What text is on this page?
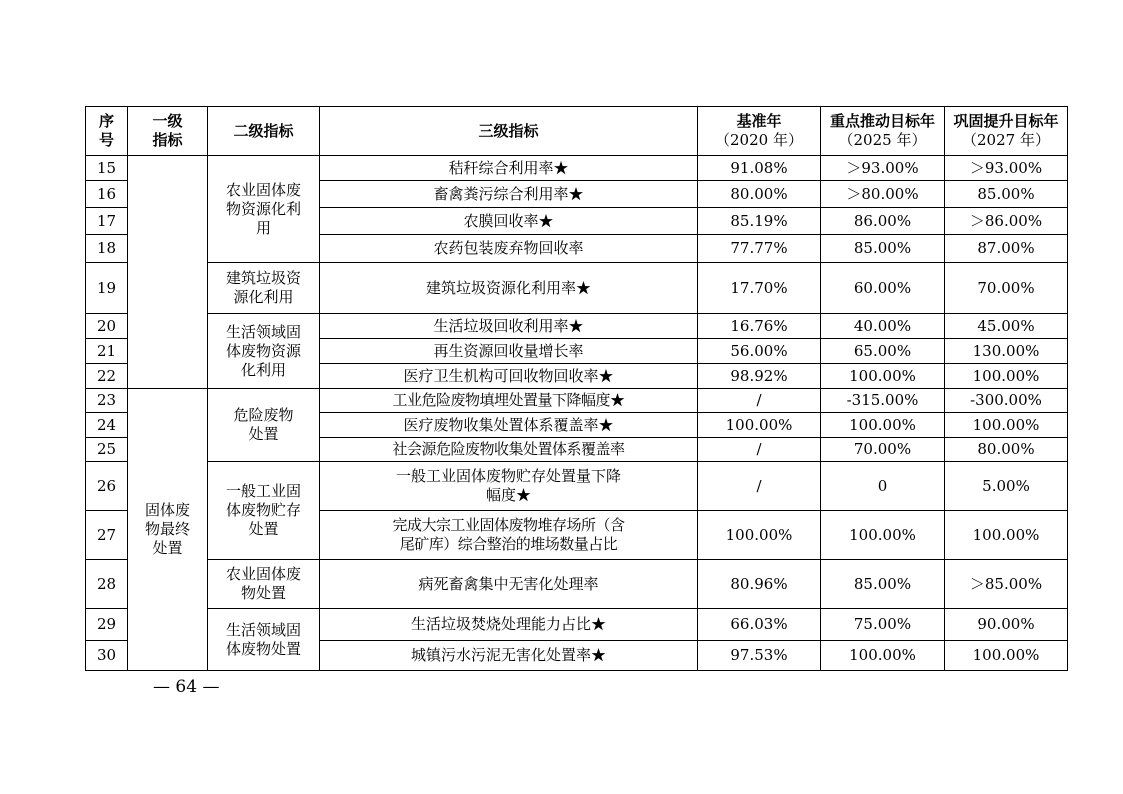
序
号	一级
指标	二级指标	三级指标	基准年
（2020 年）	重点推动目标年
（2025 年）	巩固提升目标年
（2027 年）

15		农业固体废
物资源化利
用	秸秆综合利用率★	91.08%	＞93.00%	＞93.00%
16			畜禽粪污综合利用率★	80.00%	＞80.00%	85.00%
17			农膜回收率★	85.19%	86.00%	＞86.00%
18			农药包装废弃物回收率	77.77%	85.00%	87.00%
19		建筑垃圾资
源化利用	建筑垃圾资源化利用率★	17.70%	60.00%	70.00%
20		生活领域固
体废物资源
化利用	生活垃圾回收利用率★	16.76%	40.00%	45.00%
21			再生资源回收量增长率	56.00%	65.00%	130.00%
22			医疗卫生机构可回收物回收率★	98.92%	100.00%	100.00%
23	固体废
物最终
处置	危险废物
处置	工业危险废物填埋处置量下降幅度★	/	-315.00%	-300.00%
24			医疗废物收集处置体系覆盖率★	100.00%	100.00%	100.00%
25			社会源危险废物收集处置体系覆盖率	/	70.00%	80.00%
26		一般工业固
体废物贮存
处置	一般工业固体废物贮存处置量下降
幅度★	/	0	5.00%
27			完成大宗工业固体废物堆存场所（含
尾矿库）综合整治的堆场数量占比	100.00%	100.00%	100.00%
28		农业固体废
物处置	病死畜禽集中无害化处理率	80.96%	85.00%	＞85.00%
29		生活领域固
体废物处置	生活垃圾焚烧处理能力占比★	66.03%	75.00%	90.00%
30			城镇污水污泥无害化处置率★	97.53%	100.00%	100.00%
— 64 —
